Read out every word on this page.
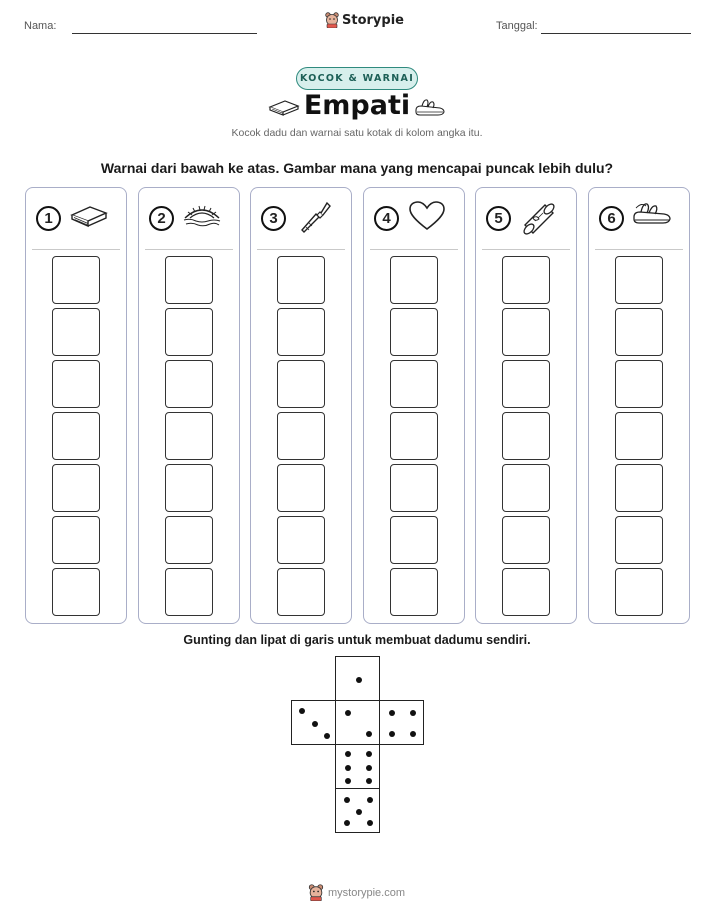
Nama:	Storypie	Tanggal:
KOCOK & WARNAI
Empati
Kocok dadu dan warnai satu kotak di kolom angka itu.
Warnai dari bawah ke atas. Gambar mana yang mencapai puncak lebih dulu?
1	2	3	4	5	6
Gunting dan lipat di garis untuk membuat dadumu sendiri.
mystorypie.com
